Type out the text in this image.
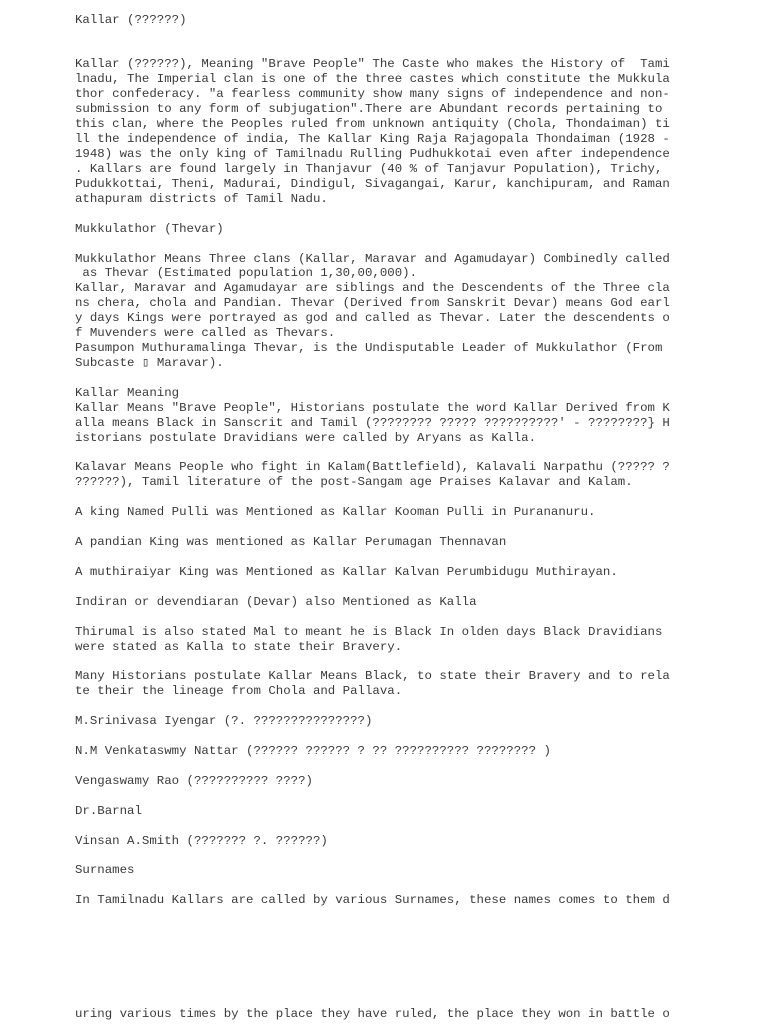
Kallar (??????)

Kallar (??????), Meaning "Brave People" The Caste who makes the History of  Tami

lnadu, The Imperial clan is one of the three castes which constitute the Mukkula

thor confederacy. "a fearless community show many signs of independence and non-

submission to any form of subjugation".There are Abundant records pertaining to

this clan, where the Peoples ruled from unknown antiquity (Chola, Thondaiman) ti

ll the independence of india, The Kallar King Raja Rajagopala Thondaiman (1928 -

1948) was the only king of Tamilnadu Rulling Pudhukkotai even after independence

. Kallars are found largely in Thanjavur (40 % of Tanjavur Population), Trichy,

Pudukkottai, Theni, Madurai, Dindigul, Sivagangai, Karur, kanchipuram, and Raman

athapuram districts of Tamil Nadu.

Mukkulathor (Thevar)

Mukkulathor Means Three clans (Kallar, Maravar and Agamudayar) Combinedly called

as Thevar (Estimated population 1,30,00,000).

Kallar, Maravar and Agamudayar are siblings and the Descendents of the Three cla

ns chera, chola and Pandian. Thevar (Derived from Sanskrit Devar) means God earl

y days Kings were portrayed as god and called as Thevar. Later the descendents o

f Muvenders were called as Thevars.

Pasumpon Muthuramalinga Thevar, is the Undisputable Leader of Mukkulathor (From

Subcaste ▯ Maravar).

Kallar Meaning

Kallar Means "Brave People", Historians postulate the word Kallar Derived from K

alla means Black in Sanscrit and Tamil (???????? ????? ??????????' - ????????} H

istorians postulate Dravidians were called by Aryans as Kalla.

Kalavar Means People who fight in Kalam(Battlefield), Kalavali Narpathu (????? ?

??????), Tamil literature of the post-Sangam age Praises Kalavar and Kalam.

A king Named Pulli was Mentioned as Kallar Kooman Pulli in Purananuru.

A pandian King was mentioned as Kallar Perumagan Thennavan

A muthiraiyar King was Mentioned as Kallar Kalvan Perumbidugu Muthirayan.

Indiran or devendiaran (Devar) also Mentioned as Kalla

Thirumal is also stated Mal to meant he is Black In olden days Black Dravidians

were stated as Kalla to state their Bravery.

Many Historians postulate Kallar Means Black, to state their Bravery and to rela

te their the lineage from Chola and Pallava.

M.Srinivasa Iyengar (?. ???????????????)

N.M Venkataswmy Nattar (?????? ?????? ? ?? ?????????? ???????? )

Vengaswamy Rao (?????????? ????)

Dr.Barnal

Vinsan A.Smith (??????? ?. ??????)

Surnames

In Tamilnadu Kallars are called by various Surnames, these names comes to them d

uring various times by the place they have ruled, the place they won in battle o
